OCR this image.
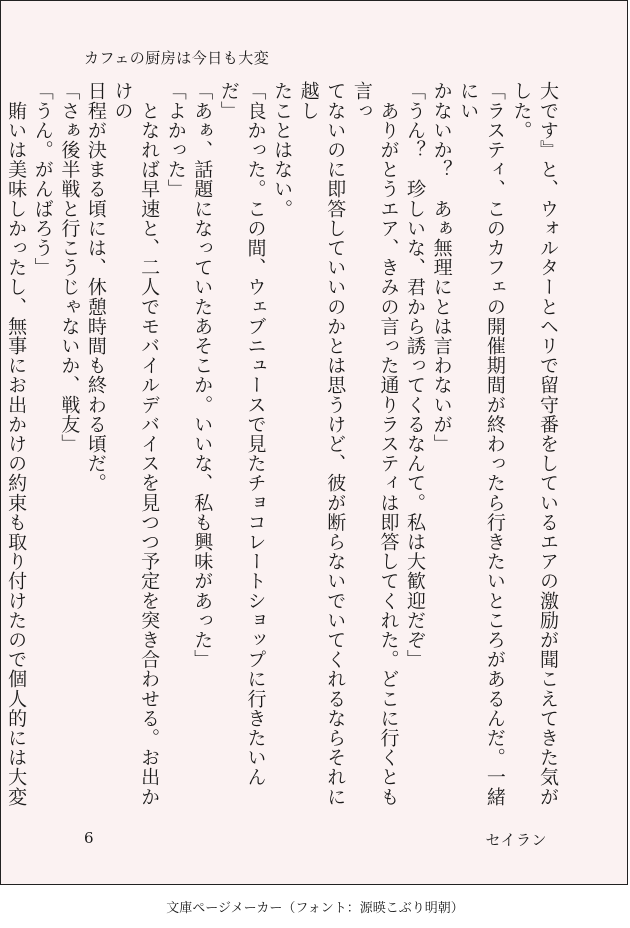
カフェの厨房は今日も大変

大です』と、ウォルターとヘリで留守番をしているエアの激励が聞こえてきた気がした。

「ラスティ、このカフェの開催期間が終わったら行きたいところがあるんだ。一緒にい

かないか？　あぁ無理にとは言わないが」

「うん？　珍しいな、君から誘ってくるなんて。私は大歓迎だぞ」

　ありがとうエア、きみの言った通りラスティは即答してくれた。どこに行くとも言っ

てないのに即答していいのかとは思うけど、彼が断らないでいてくれるならそれに越し

たことはない。

「良かった。この間、ウェブニュースで見たチョコレートショップに行きたいんだ」

「あぁ、話題になっていたあそこか。いいな、私も興味があった」

「よかった」

　となれば早速と、二人でモバイルデバイスを見つつ予定を突き合わせる。お出かけの

日程が決まる頃には、休憩時間も終わる頃だ。

「さぁ後半戦と行こうじゃないか、戦友」

「うん。がんばろう」

　賄いは美味しかったし、無事にお出かけの約束も取り付けたので個人的には大変

6	セイラン
文庫ページメーカー（フォント：源暎こぶり明朝）
